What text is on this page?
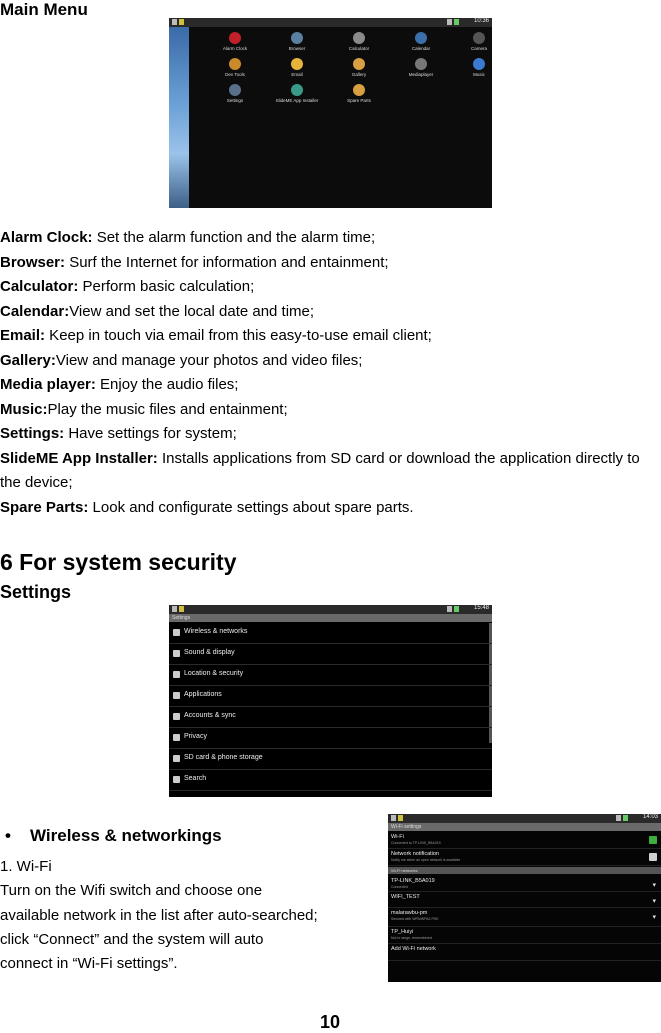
Main Menu
10:36
Alarm Clock	Browser	Calculator	Calendar	Camera
Dev Tools	Email	Gallery	Mediaplayer	Music
Settings	SlideME App Installer	Spare Parts

Alarm Clock: Set the alarm function and the alarm time;

Browser: Surf the Internet for information and entainment;

Calculator: Perform basic calculation;

Calendar:View and set the local date and time;

Email: Keep in touch via email from this easy-to-use email client;

Gallery:View and manage your photos and video files;

Media player: Enjoy the audio files;

Music:Play the music files and entainment;

Settings: Have settings for system;

SlideME App Installer: Installs applications from SD card or download the application directly to the device;

Spare Parts: Look and configurate settings about spare parts.

6 For system security
Settings
15:48
Settings
Wireless & networks
Sound & display
Location & security
Applications
Accounts & sync
Privacy
SD card & phone storage
Search
• Wireless & networkings

1. Wi-Fi

Turn on the Wifi switch and choose one

available network in the list after auto-searched;

click “Connect” and the system will auto

connect in “Wi-Fi settings”.

14:03
Wi-Fi settings
Wi-Fi networks
Wi-Fi
Connected to TP-LINK_B5A019
Network notification
Notify me when an open network is available
TP-LINK_B5A019
Connected	▾
WIFI_TEST
▾
malarawbu-pm
Secured with WPA/WPA2 PSK	▾
TP_Huiyi
Not in range, remembered
Add Wi-Fi network
10
